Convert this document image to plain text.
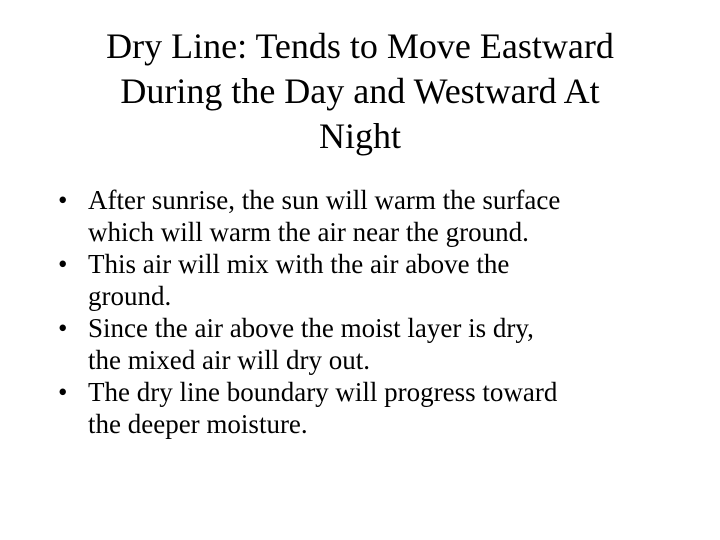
Dry Line: Tends to Move Eastward
During the Day and Westward At
Night
• After sunrise, the sun will warm the surface
which will warm the air near the ground.
• This air will mix with the air above the
ground.
• Since the air above the moist layer is dry,
the mixed air will dry out.
• The dry line boundary will progress toward
the deeper moisture.
